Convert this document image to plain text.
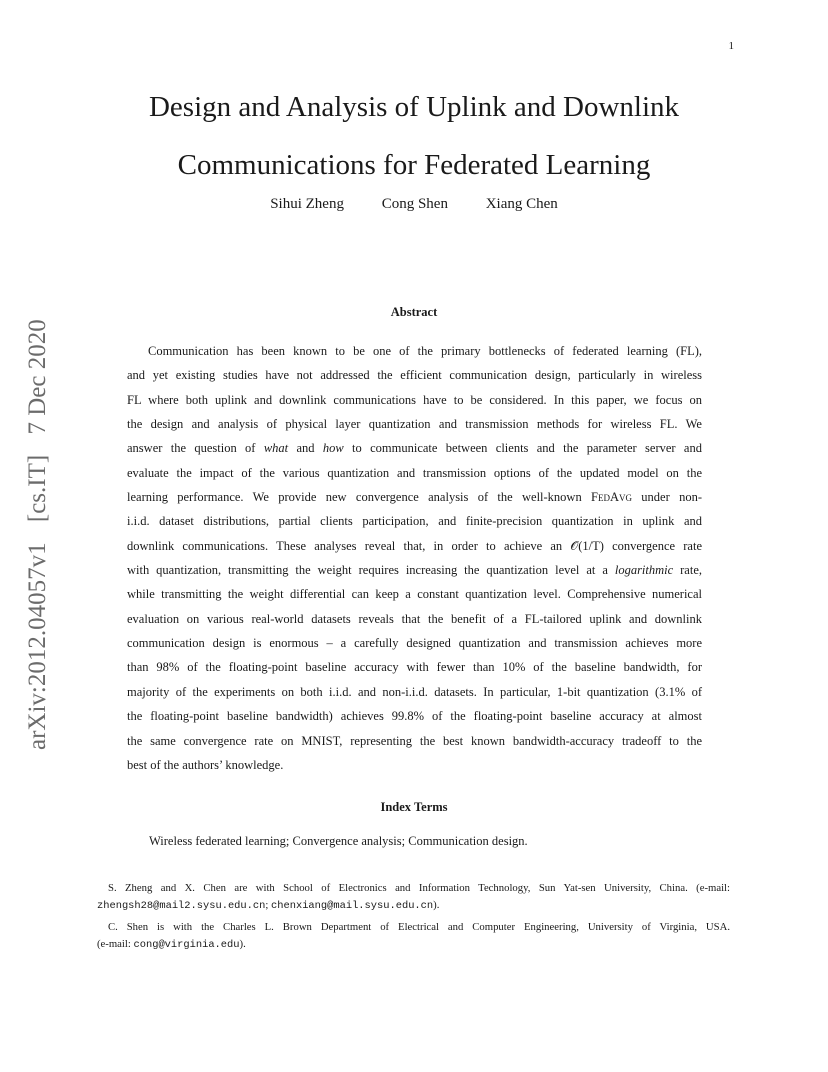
1
Design and Analysis of Uplink and Downlink
Communications for Federated Learning
Sihui Zheng	Cong Shen	Xiang Chen
arXiv:2012.04057v1 [cs.IT] 7 Dec 2020
Abstract
Communication has been known to be one of the primary bottlenecks of federated learning (FL),
and yet existing studies have not addressed the efficient communication design, particularly in wireless
FL where both uplink and downlink communications have to be considered. In this paper, we focus on
the design and analysis of physical layer quantization and transmission methods for wireless FL. We
answer the question of what and how to communicate between clients and the parameter server and
evaluate the impact of the various quantization and transmission options of the updated model on the
learning performance. We provide new convergence analysis of the well-known FedAvg under non-
i.i.d. dataset distributions, partial clients participation, and finite-precision quantization in uplink and
downlink communications. These analyses reveal that, in order to achieve an 𝒪(1/T) convergence rate
with quantization, transmitting the weight requires increasing the quantization level at a logarithmic rate,
while transmitting the weight differential can keep a constant quantization level. Comprehensive numerical
evaluation on various real-world datasets reveals that the benefit of a FL-tailored uplink and downlink
communication design is enormous – a carefully designed quantization and transmission achieves more
than 98% of the floating-point baseline accuracy with fewer than 10% of the baseline bandwidth, for
majority of the experiments on both i.i.d. and non-i.i.d. datasets. In particular, 1-bit quantization (3.1% of
the floating-point baseline bandwidth) achieves 99.8% of the floating-point baseline accuracy at almost
the same convergence rate on MNIST, representing the best known bandwidth-accuracy tradeoff to the
best of the authors’ knowledge.
Index Terms
Wireless federated learning; Convergence analysis; Communication design.
S. Zheng and X. Chen are with School of Electronics and Information Technology, Sun Yat-sen University, China. (e-mail:
zhengsh28@mail2.sysu.edu.cn; chenxiang@mail.sysu.edu.cn).
C. Shen is with the Charles L. Brown Department of Electrical and Computer Engineering, University of Virginia, USA.
(e-mail: cong@virginia.edu).
